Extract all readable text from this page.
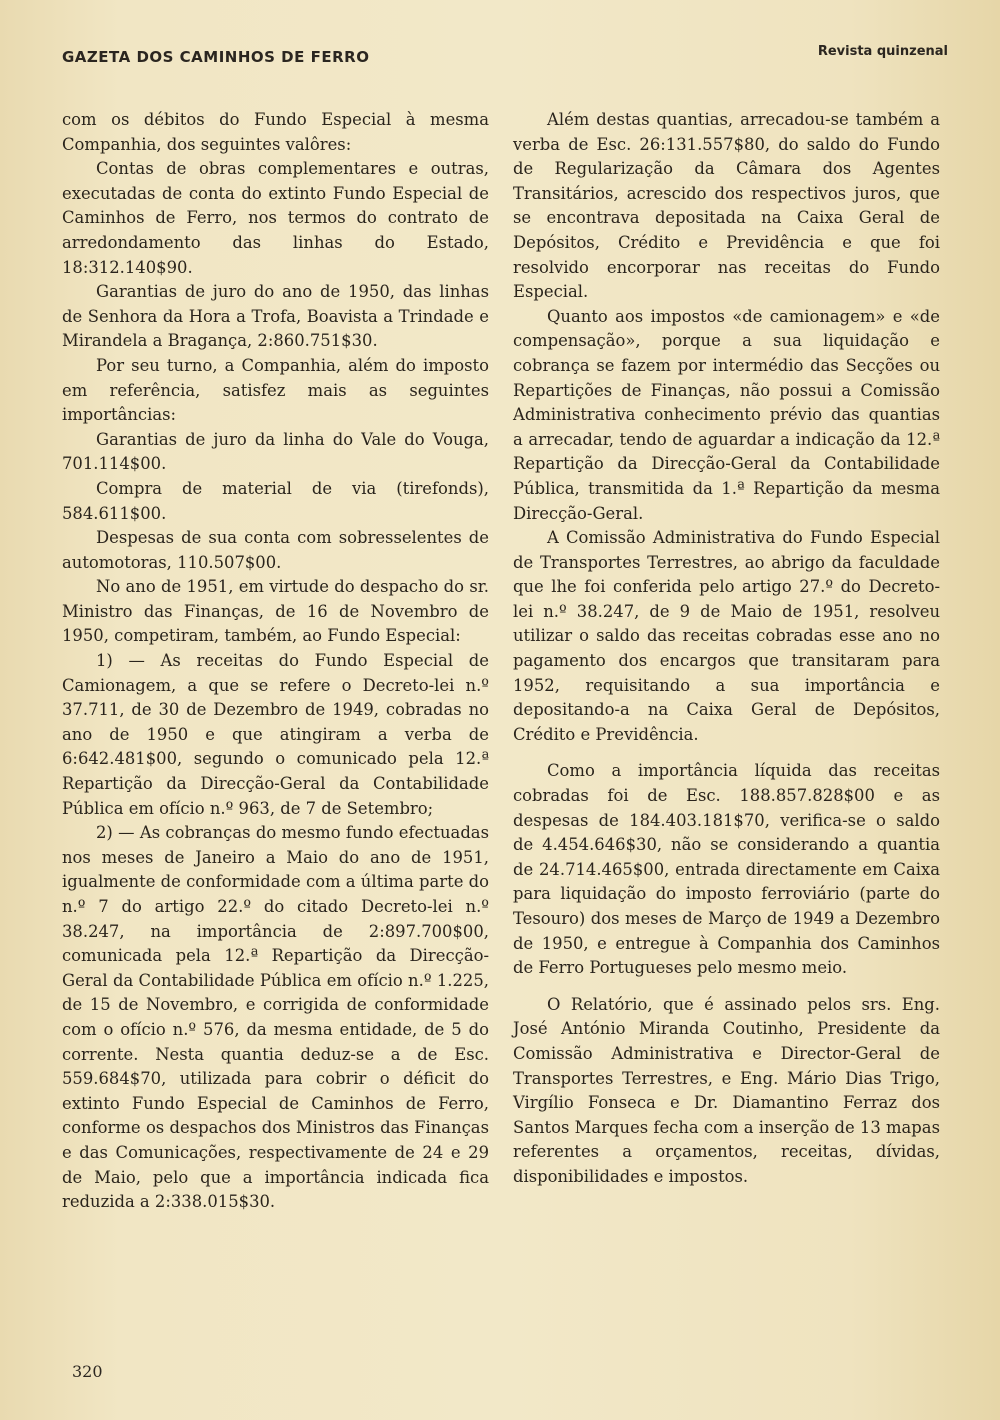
GAZETA DOS CAMINHOS DE FERRO	Revista quinzenal

com os débitos do Fundo Especial à mesma Companhia, dos seguintes valôres:

Contas de obras complementares e outras, executadas de conta do extinto Fundo Especial de Caminhos de Ferro, nos termos do contrato de arredondamento das linhas do Estado, 18:312.140$90.

Garantias de juro do ano de 1950, das linhas de Senhora da Hora a Trofa, Boavista a Trindade e Mirandela a Bragança, 2:860.751$30.

Por seu turno, a Companhia, além do imposto em referência, satisfez mais as seguintes importâncias:

Garantias de juro da linha do Vale do Vouga, 701.114$00.

Compra de material de via (tirefonds), 584.611$00.

Despesas de sua conta com sobresselentes de automotoras, 110.507$00.

No ano de 1951, em virtude do despacho do sr. Ministro das Finanças, de 16 de Novembro de 1950, competiram, também, ao Fundo Especial:

1) — As receitas do Fundo Especial de Camionagem, a que se refere o Decreto-lei n.º 37.711, de 30 de Dezembro de 1949, cobradas no ano de 1950 e que atingiram a verba de 6:642.481$00, segundo o comunicado pela 12.ª Repartição da Direcção-Geral da Contabilidade Pública em ofício n.º 963, de 7 de Setembro;

2) — As cobranças do mesmo fundo efectuadas nos meses de Janeiro a Maio do ano de 1951, igualmente de conformidade com a última parte do n.º 7 do artigo 22.º do citado Decreto-lei n.º 38.247, na importância de 2:897.700$00, comunicada pela 12.ª Repartição da Direcção-Geral da Contabilidade Pública em ofício n.º 1.225, de 15 de Novembro, e corrigida de conformidade com o ofício n.º 576, da mesma entidade, de 5 do corrente. Nesta quantia deduz-se a de Esc. 559.684$70, utilizada para cobrir o déficit do extinto Fundo Especial de Caminhos de Ferro, conforme os despachos dos Ministros das Finanças e das Comunicações, respectivamente de 24 e 29 de Maio, pelo que a importância indicada fica reduzida a 2:338.015$30.

Além destas quantias, arrecadou-se também a verba de Esc. 26:131.557$80, do saldo do Fundo de Regularização da Câmara dos Agentes Transitários, acrescido dos respectivos juros, que se encontrava depositada na Caixa Geral de Depósitos, Crédito e Previdência e que foi resolvido encorporar nas receitas do Fundo Especial.

Quanto aos impostos «de camionagem» e «de compensação», porque a sua liquidação e cobrança se fazem por intermédio das Secções ou Repartições de Finanças, não possui a Comissão Administrativa conhecimento prévio das quantias a arrecadar, tendo de aguardar a indicação da 12.ª Repartição da Direcção-Geral da Contabilidade Pública, transmitida da 1.ª Repartição da mesma Direcção-Geral.

A Comissão Administrativa do Fundo Especial de Transportes Terrestres, ao abrigo da faculdade que lhe foi conferida pelo artigo 27.º do Decreto-lei n.º 38.247, de 9 de Maio de 1951, resolveu utilizar o saldo das receitas cobradas esse ano no pagamento dos encargos que transitaram para 1952, requisitando a sua importância e depositando-a na Caixa Geral de Depósitos, Crédito e Previdência.

Como a importância líquida das receitas cobradas foi de Esc. 188.857.828$00 e as despesas de 184.403.181$70, verifica-se o saldo de 4.454.646$30, não se considerando a quantia de 24.714.465$00, entrada directamente em Caixa para liquidação do imposto ferroviário (parte do Tesouro) dos meses de Março de 1949 a Dezembro de 1950, e entregue à Companhia dos Caminhos de Ferro Portugueses pelo mesmo meio.

O Relatório, que é assinado pelos srs. Eng. José António Miranda Coutinho, Presidente da Comissão Administrativa e Director-Geral de Transportes Terrestres, e Eng. Mário Dias Trigo, Virgílio Fonseca e Dr. Diamantino Ferraz dos Santos Marques fecha com a inserção de 13 mapas referentes a orçamentos, receitas, dívidas, disponibilidades e impostos.

320
